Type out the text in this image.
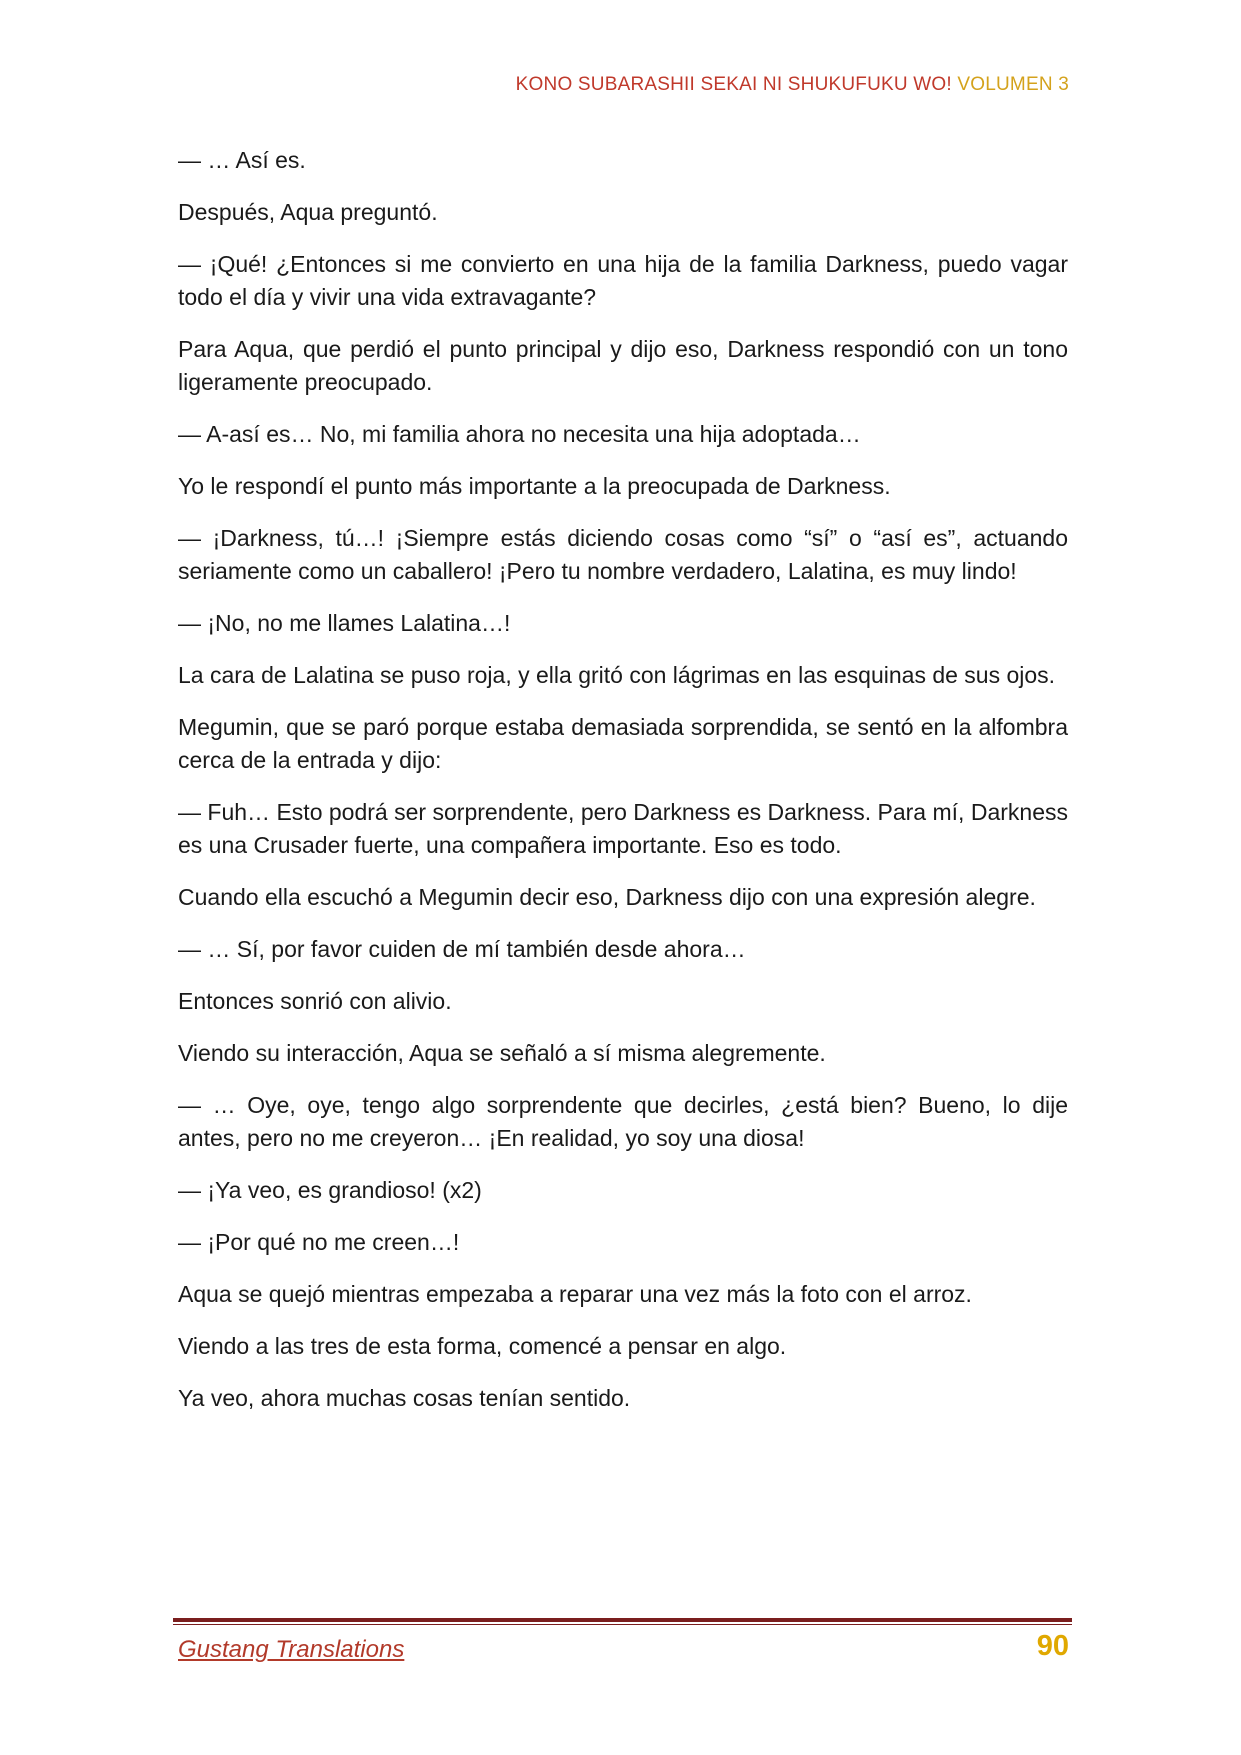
KONO SUBARASHII SEKAI NI SHUKUFUKU WO! VOLUMEN 3

— … Así es.

Después, Aqua preguntó.

— ¡Qué! ¿Entonces si me convierto en una hija de la familia Darkness, puedo vagar todo el día y vivir una vida extravagante?

Para Aqua, que perdió el punto principal y dijo eso, Darkness respondió con un tono ligeramente preocupado.

— A-así es… No, mi familia ahora no necesita una hija adoptada…

Yo le respondí el punto más importante a la preocupada de Darkness.

— ¡Darkness, tú…! ¡Siempre estás diciendo cosas como “sí” o “así es”, actuando seriamente como un caballero! ¡Pero tu nombre verdadero, Lalatina, es muy lindo!

— ¡No, no me llames Lalatina…!

La cara de Lalatina se puso roja, y ella gritó con lágrimas en las esquinas de sus ojos.

Megumin, que se paró porque estaba demasiada sorprendida, se sentó en la alfombra cerca de la entrada y dijo:

— Fuh… Esto podrá ser sorprendente, pero Darkness es Darkness. Para mí, Darkness es una Crusader fuerte, una compañera importante. Eso es todo.

Cuando ella escuchó a Megumin decir eso, Darkness dijo con una expresión alegre.

— … Sí, por favor cuiden de mí también desde ahora…

Entonces sonrió con alivio.

Viendo su interacción, Aqua se señaló a sí misma alegremente.

— … Oye, oye, tengo algo sorprendente que decirles, ¿está bien? Bueno, lo dije antes, pero no me creyeron… ¡En realidad, yo soy una diosa!

— ¡Ya veo, es grandioso! (x2)

— ¡Por qué no me creen…!

Aqua se quejó mientras empezaba a reparar una vez más la foto con el arroz.

Viendo a las tres de esta forma, comencé a pensar en algo.

Ya veo, ahora muchas cosas tenían sentido.

Gustang Translations	90
